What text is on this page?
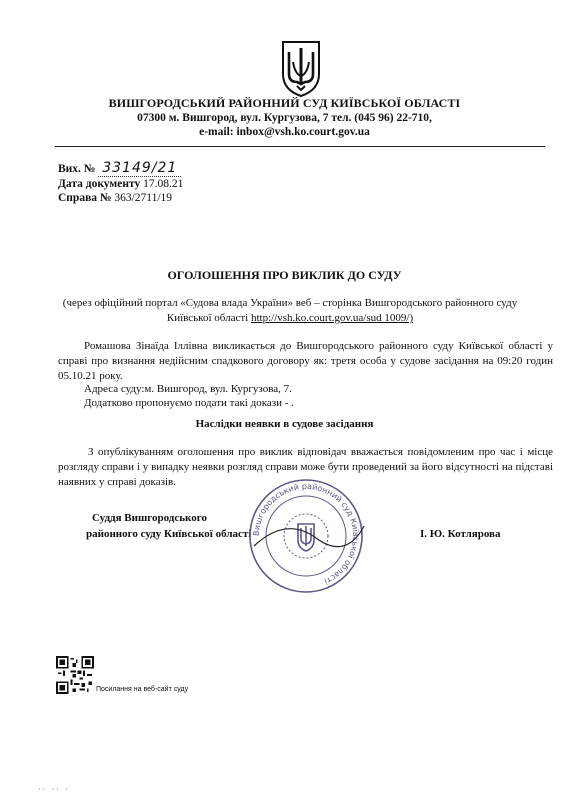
ВИШГОРОДСЬКИЙ РАЙОННИЙ СУД КИЇВСЬКОЇ ОБЛАСТІ
07300 м. Вишгород, вул. Кургузова, 7 тел. (045 96) 22-710,
e-mail: inbox@vsh.ko.court.gov.ua
Вих. № 33149/21
Дата документу 17.08.21
Справа № 363/2711/19
ОГОЛОШЕННЯ ПРО ВИКЛИК ДО СУДУ
(через офіційний портал «Судова влада України» веб – сторінка Вишгородського районного суду
Київської області http://vsh.ko.court.gov.ua/sud 1009/)
Ромашова Зінаїда Іллівна викликається до Вишгородського районного суду Київської області у справі про визнання недійсним спадкового договору як: третя особа у судове засідання на 09:20 годин 05.10.21 року.
Адреса суду:м. Вишгород, вул. Кургузова, 7.
Додатково пропонуємо подати такі докази - .
Наслідки неявки в судове засідання
З опублікуванням оголошення про виклик відповідач вважається повідомленим про час і місце розгляду справи і у випадку неявки розгляд справи може бути проведений за його відсутності на підставі наявних у справі доказів.
Суддя Вишгородського
районного суду Київської області	І. Ю. Котлярова
Вишгородський районний суд Київської області
Посилання на веб-сайт суду
·· ·· ·
